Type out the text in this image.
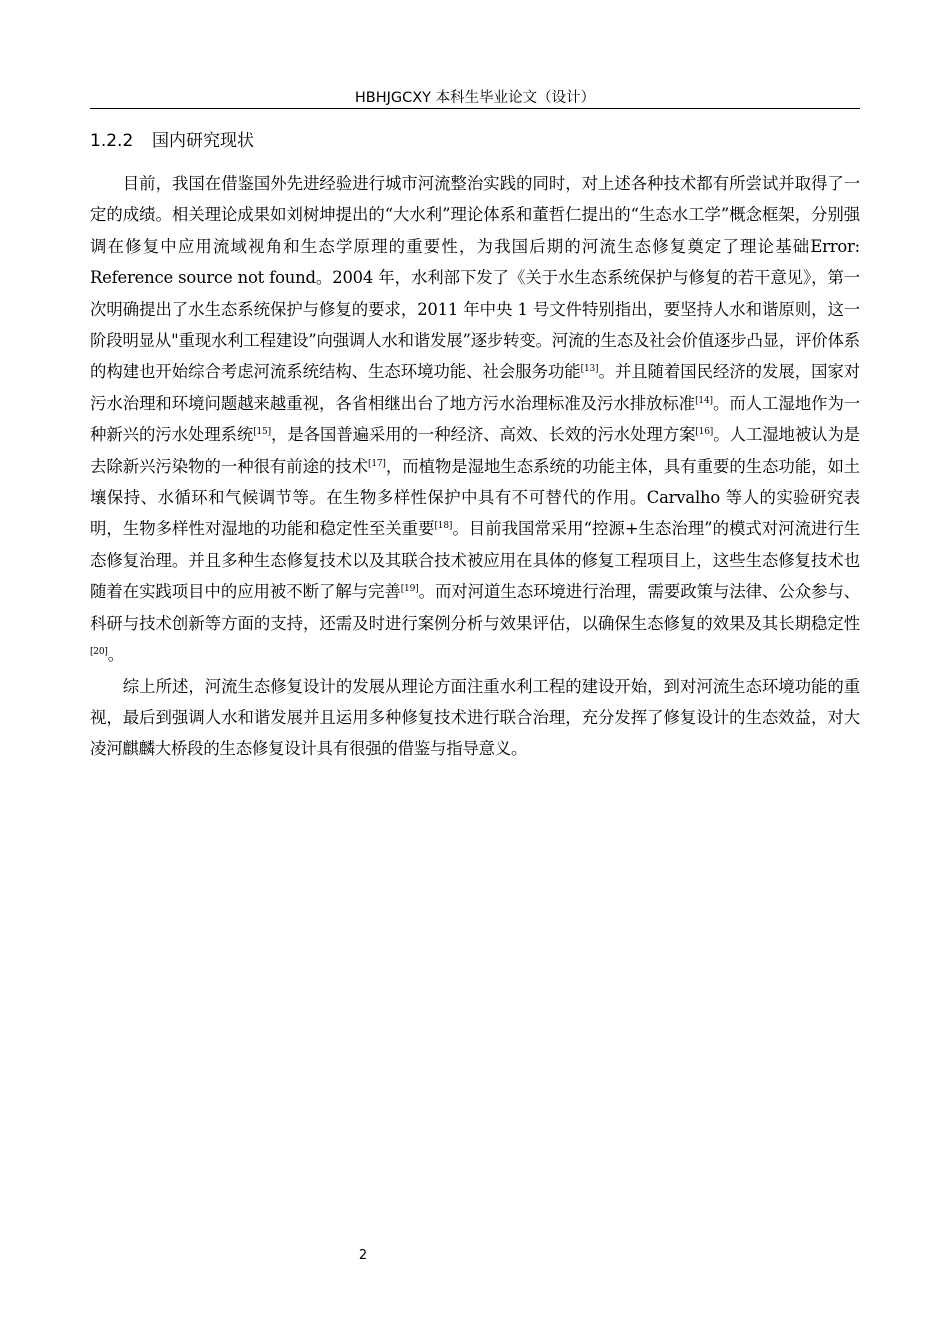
HBHJGCXY 本科生毕业论文（设计）
1.2.2 国内研究现状

目前，我国在借鉴国外先进经验进行城市河流整治实践的同时，对上述各种技术都有所尝试并取得了一定的成绩。相关理论成果如刘树坤提出的“大水利”理论体系和董哲仁提出的“生态水工学”概念框架，分别强调在修复中应用流域视角和生态学原理的重要性，为我国后期的河流生态修复奠定了理论基础Error: Reference source not found。2004 年，水利部下发了《关于水生态系统保护与修复的若干意见》，第一次明确提出了水生态系统保护与修复的要求，2011 年中央 1 号文件特别指出，要坚持人水和谐原则，这一阶段明显从"重现水利工程建设”向强调人水和谐发展”逐步转变。河流的生态及社会价值逐步凸显，评价体系的构建也开始综合考虑河流系统结构、生态环境功能、社会服务功能[13]。并且随着国民经济的发展，国家对污水治理和环境问题越来越重视，各省相继出台了地方污水治理标准及污水排放标准[14]。而人工湿地作为一种新兴的污水处理系统[15]，是各国普遍采用的一种经济、高效、长效的污水处理方案[16]。人工湿地被认为是去除新兴污染物的一种很有前途的技术[17]，而植物是湿地生态系统的功能主体，具有重要的生态功能，如土壤保持、水循环和气候调节等。在生物多样性保护中具有不可替代的作用。Carvalho 等人的实验研究表明，生物多样性对湿地的功能和稳定性至关重要[18]。目前我国常采用“控源+生态治理”的模式对河流进行生态修复治理。并且多种生态修复技术以及其联合技术被应用在具体的修复工程项目上，这些生态修复技术也随着在实践项目中的应用被不断了解与完善[19]。而对河道生态环境进行治理，需要政策与法律、公众参与、科研与技术创新等方面的支持，还需及时进行案例分析与效果评估，以确保生态修复的效果及其长期稳定性[20]。

综上所述，河流生态修复设计的发展从理论方面注重水利工程的建设开始，到对河流生态环境功能的重视，最后到强调人水和谐发展并且运用多种修复技术进行联合治理，充分发挥了修复设计的生态效益，对大凌河麒麟大桥段的生态修复设计具有很强的借鉴与指导意义。

2
